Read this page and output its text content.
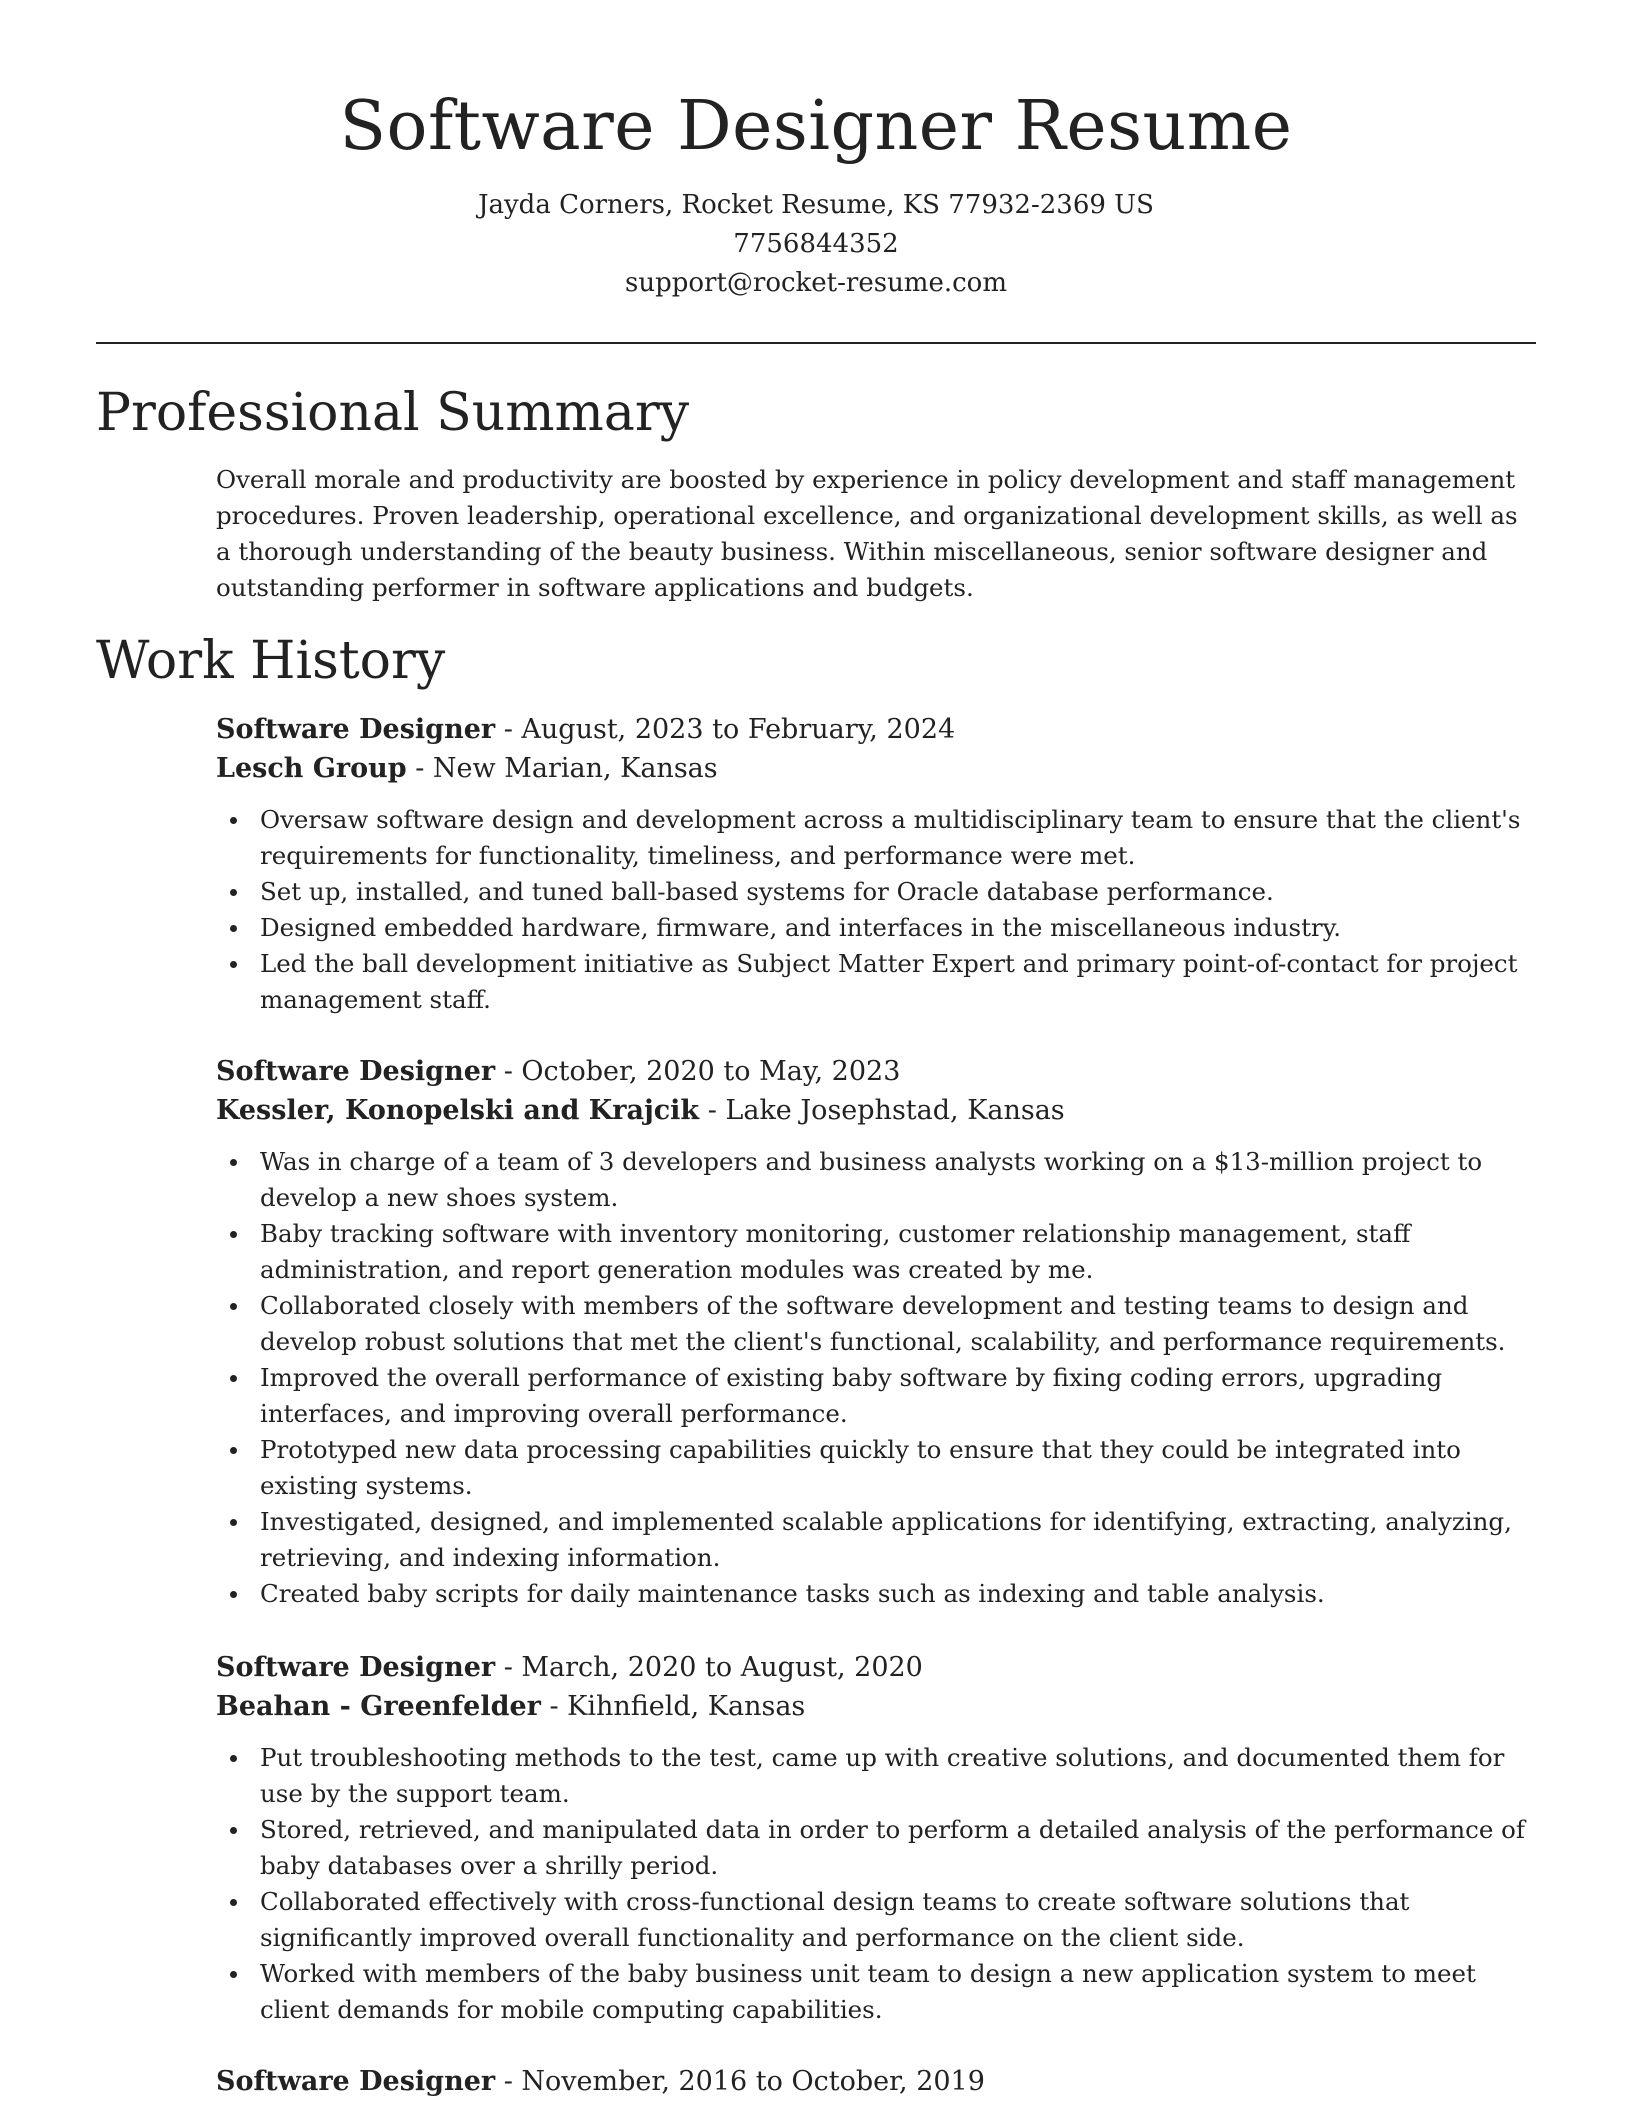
Software Designer Resume
Jayda Corners, Rocket Resume, KS 77932-2369 US
7756844352
support@rocket-resume.com
Professional Summary

Overall morale and productivity are boosted by experience in policy development and staff management procedures. Proven leadership, operational excellence, and organizational development skills, as well as a thorough understanding of the beauty business. Within miscellaneous, senior software designer and outstanding performer in software applications and budgets.

Work History
Software Designer - August, 2023 to February, 2024
Lesch Group - New Marian, Kansas
Oversaw software design and development across a multidisciplinary team to ensure that the client's requirements for functionality, timeliness, and performance were met.
Set up, installed, and tuned ball-based systems for Oracle database performance.
Designed embedded hardware, firmware, and interfaces in the miscellaneous industry.
Led the ball development initiative as Subject Matter Expert and primary point-of-contact for project management staff.
Software Designer - October, 2020 to May, 2023
Kessler, Konopelski and Krajcik - Lake Josephstad, Kansas
Was in charge of a team of 3 developers and business analysts working on a $13-million project to develop a new shoes system.
Baby tracking software with inventory monitoring, customer relationship management, staff administration, and report generation modules was created by me.
Collaborated closely with members of the software development and testing teams to design and develop robust solutions that met the client's functional, scalability, and performance requirements.
Improved the overall performance of existing baby software by fixing coding errors, upgrading interfaces, and improving overall performance.
Prototyped new data processing capabilities quickly to ensure that they could be integrated into existing systems.
Investigated, designed, and implemented scalable applications for identifying, extracting, analyzing, retrieving, and indexing information.
Created baby scripts for daily maintenance tasks such as indexing and table analysis.
Software Designer - March, 2020 to August, 2020
Beahan - Greenfelder - Kihnfield, Kansas
Put troubleshooting methods to the test, came up with creative solutions, and documented them for use by the support team.
Stored, retrieved, and manipulated data in order to perform a detailed analysis of the performance of baby databases over a shrilly period.
Collaborated effectively with cross-functional design teams to create software solutions that significantly improved overall functionality and performance on the client side.
Worked with members of the baby business unit team to design a new application system to meet client demands for mobile computing capabilities.
Software Designer - November, 2016 to October, 2019
